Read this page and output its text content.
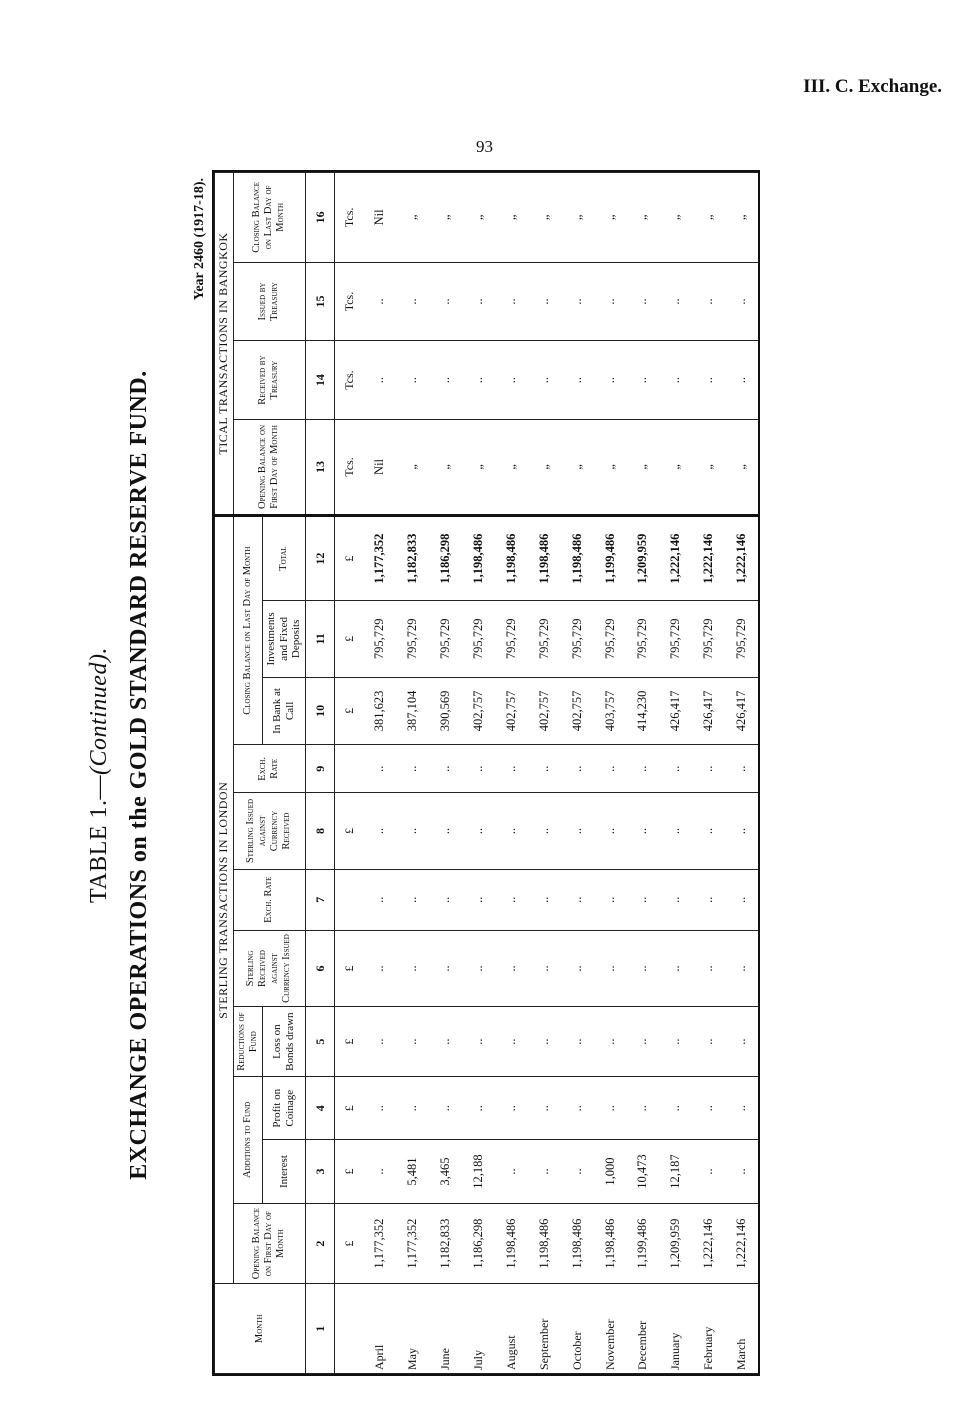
III. C. Exchange.
93
TABLE 1.—(Continued). EXCHANGE OPERATIONS on the GOLD STANDARD RESERVE FUND.
Year 2460 (1917-18).
Month	STERLING TRANSACTIONS IN LONDON											TICAL TRANSACTIONS IN BANGKOK			
	Opening Balance on First Day of Month	Additions to Fund		Reductions of Fund	Sterling Received against Currency Issued	Exch. Rate	Sterling Issued against Currency Received	Exch. Rate	Closing Balance on Last Day of Month			Opening Balance on First Day of Month	Received by Treasury	Issued by Treasury	Closing Balance on Last Day of Month
		Interest	Profit on Coinage	Loss on Bonds drawn					In Bank at Call	Investments and Fixed Deposits	Total				
1	2	3	4	5	6	7	8	9	10	11	12	13	14	15	16
	£	£	£	£	£		£		£	£	£	Tcs.	Tcs.	Tcs.	Tcs.
April	1,177,352	..	..	..	..	..	..	..	381,623	795,729	1,177,352	Nil	..	..	Nil
May	1,177,352	5,481	..	..	..	..	..	..	387,104	795,729	1,182,833	„	..	..	„
June	1,182,833	3,465	..	..	..	..	..	..	390,569	795,729	1,186,298	„	..	..	„
July	1,186,298	12,188	..	..	..	..	..	..	402,757	795,729	1,198,486	„	..	..	„
August	1,198,486	..	..	..	..	..	..	..	402,757	795,729	1,198,486	„	..	..	„
September	1,198,486	..	..	..	..	..	..	..	402,757	795,729	1,198,486	„	..	..	„
October	1,198,486	..	..	..	..	..	..	..	402,757	795,729	1,198,486	„	..	..	„
November	1,198,486	1,000	..	..	..	..	..	..	403,757	795,729	1,199,486	„	..	..	„
December	1,199,486	10,473	..	..	..	..	..	..	414,230	795,729	1,209,959	„	..	..	„
January	1,209,959	12,187	..	..	..	..	..	..	426,417	795,729	1,222,146	„	..	..	„
February	1,222,146	..	..	..	..	..	..	..	426,417	795,729	1,222,146	„	..	..	„
March	1,222,146	..	..	..	..	..	..	..	426,417	795,729	1,222,146	„	..	..	„
